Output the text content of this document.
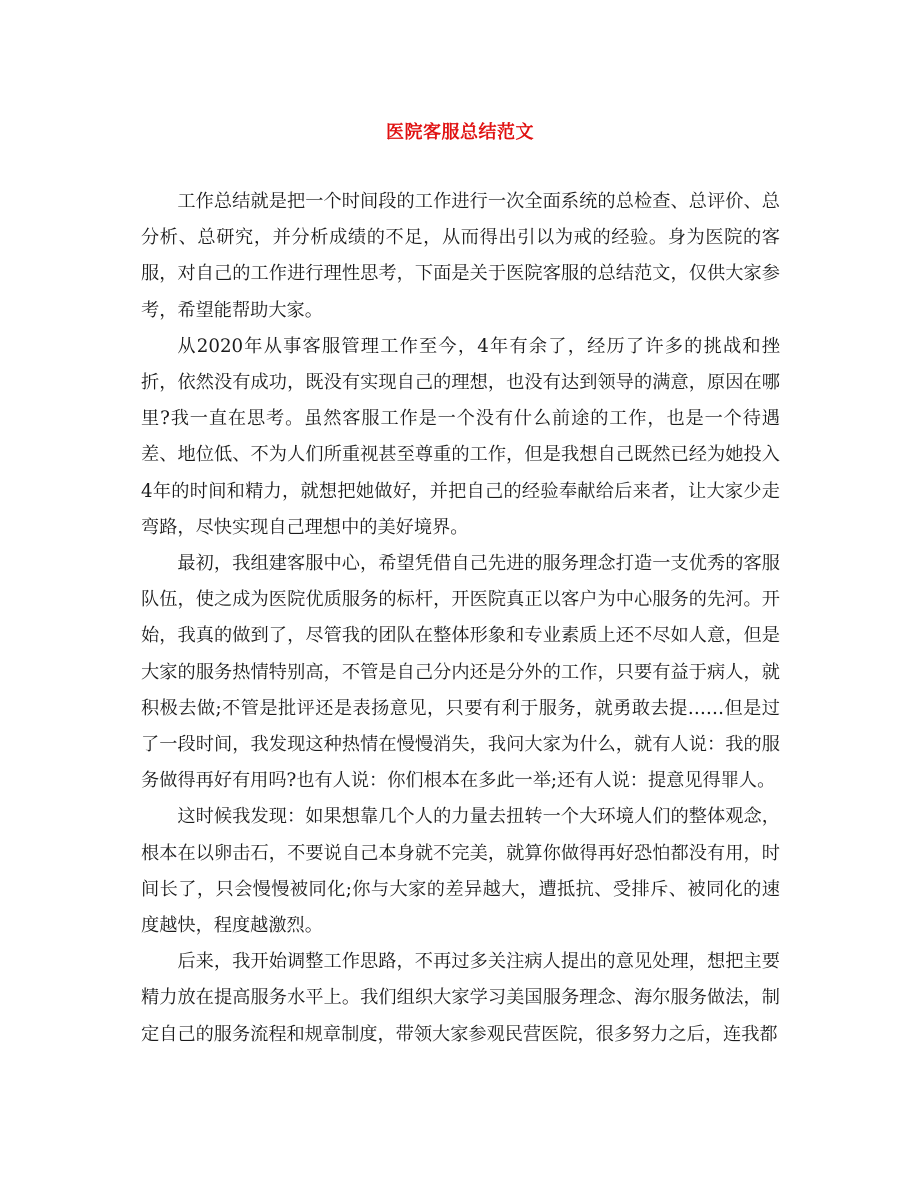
医院客服总结范文

工作总结就是把一个时间段的工作进行一次全面系统的总检查、总评价、总分析、总研究，并分析成绩的不足，从而得出引以为戒的经验。身为医院的客服，对自己的工作进行理性思考，下面是关于医院客服的总结范文，仅供大家参考，希望能帮助大家。

从2020年从事客服管理工作至今，4年有余了，经历了许多的挑战和挫折，依然没有成功，既没有实现自己的理想，也没有达到领导的满意，原因在哪里?我一直在思考。虽然客服工作是一个没有什么前途的工作，也是一个待遇差、地位低、不为人们所重视甚至尊重的工作，但是我想自己既然已经为她投入4年的时间和精力，就想把她做好，并把自己的经验奉献给后来者，让大家少走弯路，尽快实现自己理想中的美好境界。

最初，我组建客服中心，希望凭借自己先进的服务理念打造一支优秀的客服队伍，使之成为医院优质服务的标杆，开医院真正以客户为中心服务的先河。开始，我真的做到了，尽管我的团队在整体形象和专业素质上还不尽如人意，但是大家的服务热情特别高，不管是自己分内还是分外的工作，只要有益于病人，就积极去做;不管是批评还是表扬意见，只要有利于服务，就勇敢去提……但是过了一段时间，我发现这种热情在慢慢消失，我问大家为什么，就有人说：我的服务做得再好有用吗?也有人说：你们根本在多此一举;还有人说：提意见得罪人。

这时候我发现：如果想靠几个人的力量去扭转一个大环境人们的整体观念，根本在以卵击石，不要说自己本身就不完美，就算你做得再好恐怕都没有用，时间长了，只会慢慢被同化;你与大家的差异越大，遭抵抗、受排斥、被同化的速度越快，程度越激烈。

后来，我开始调整工作思路，不再过多关注病人提出的意见处理，想把主要精力放在提高服务水平上。我们组织大家学习美国服务理念、海尔服务做法，制定自己的服务流程和规章制度，带领大家参观民营医院，很多努力之后，连我都
